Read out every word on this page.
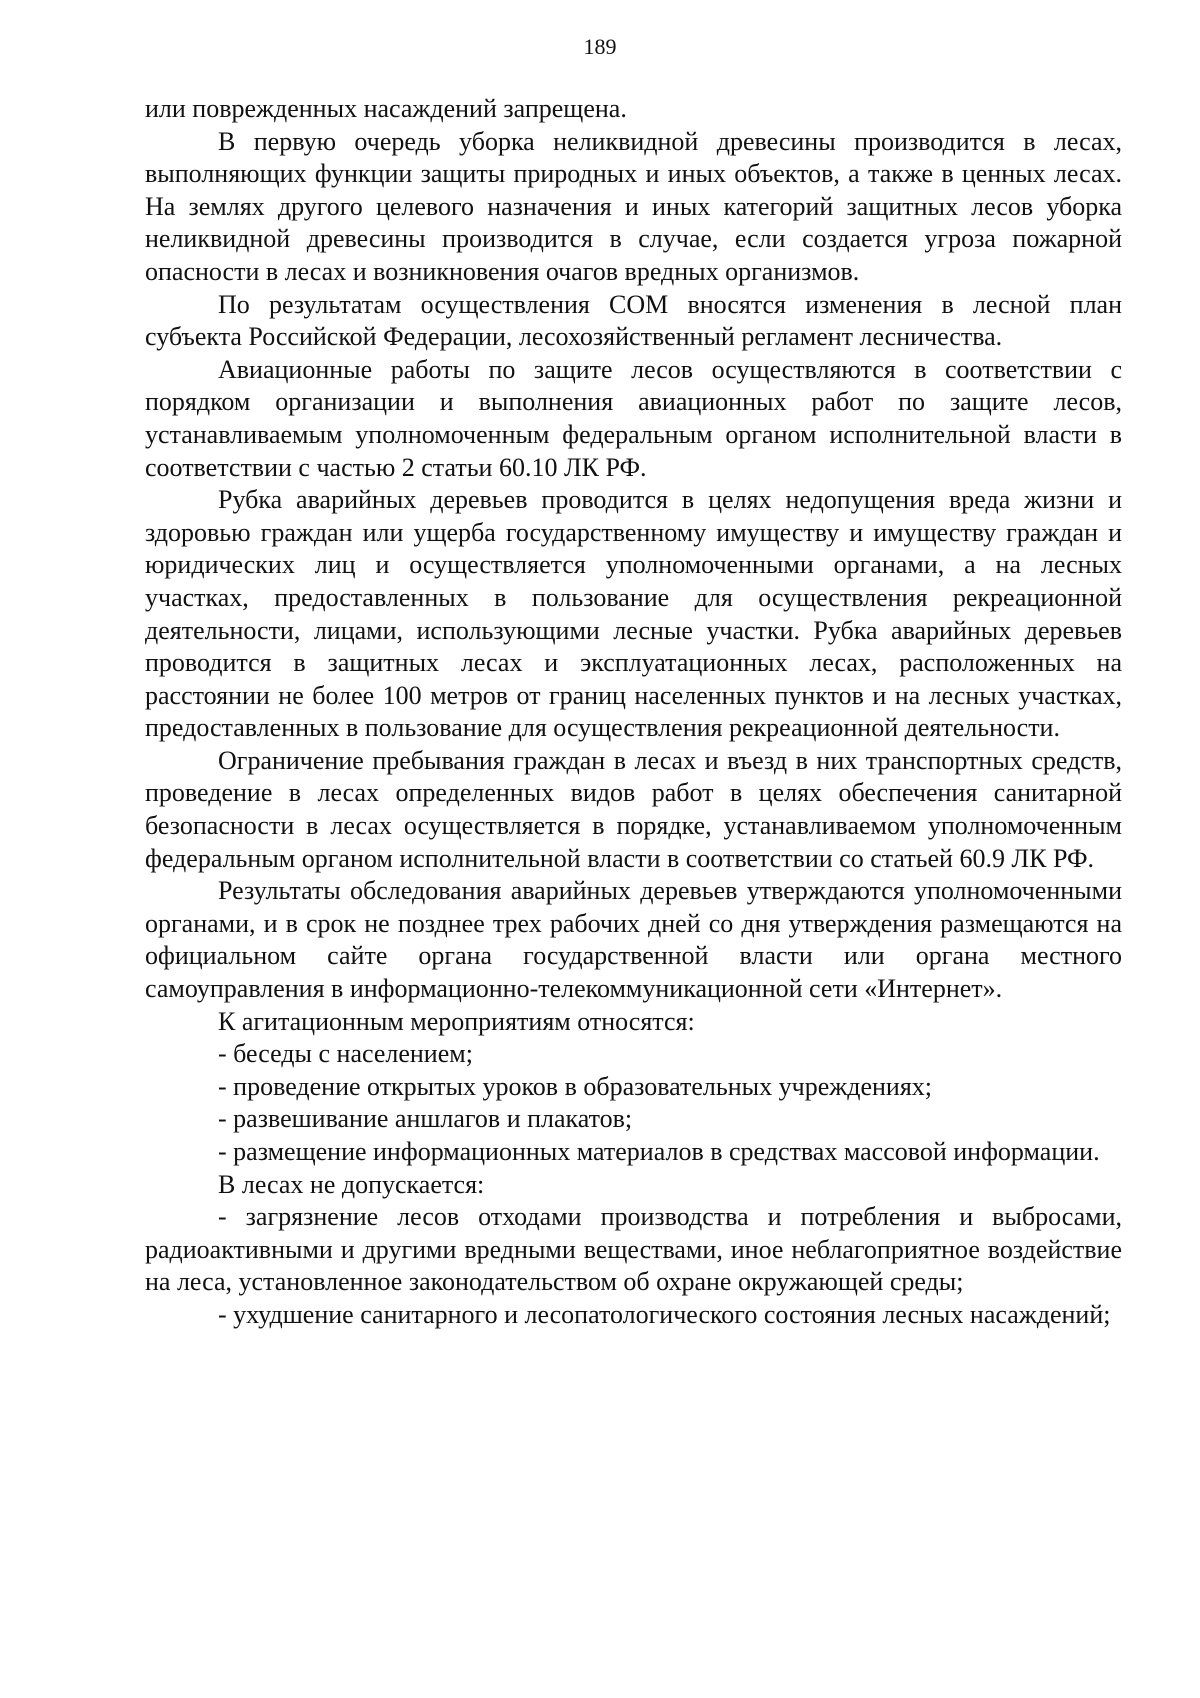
189

или поврежденных насаждений запрещена.

В первую очередь уборка неликвидной древесины производится в лесах, выполняющих функции защиты природных и иных объектов, а также в ценных лесах. На землях другого целевого назначения и иных категорий защитных лесов уборка неликвидной древесины производится в случае, если создается угроза пожарной опасности в лесах и возникновения очагов вредных организмов.

По результатам осуществления СОМ вносятся изменения в лесной план субъекта Российской Федерации, лесохозяйственный регламент лесничества.

Авиационные работы по защите лесов осуществляются в соответствии с порядком организации и выполнения авиационных работ по защите лесов, устанавливаемым уполномоченным федеральным органом исполнительной власти в соответствии с частью 2 статьи 60.10 ЛК РФ.

Рубка аварийных деревьев проводится в целях недопущения вреда жизни и здоровью граждан или ущерба государственному имуществу и имуществу граждан и юридических лиц и осуществляется уполномоченными органами, а на лесных участках, предоставленных в пользование для осуществления рекреационной деятельности, лицами, использующими лесные участки. Рубка аварийных деревьев проводится в защитных лесах и эксплуатационных лесах, расположенных на расстоянии не более 100 метров от границ населенных пунктов и на лесных участках, предоставленных в пользование для осуществления рекреационной деятельности.

Ограничение пребывания граждан в лесах и въезд в них транспортных средств, проведение в лесах определенных видов работ в целях обеспечения санитарной безопасности в лесах осуществляется в порядке, устанавливаемом уполномоченным федеральным органом исполнительной власти в соответствии со статьей 60.9 ЛК РФ.

Результаты обследования аварийных деревьев утверждаются уполномоченными органами, и в срок не позднее трех рабочих дней со дня утверждения размещаются на официальном сайте органа государственной власти или органа местного самоуправления в информационно-телекоммуникационной сети «Интернет».

К агитационным мероприятиям относятся:

- беседы с населением;

- проведение открытых уроков в образовательных учреждениях;

- развешивание аншлагов и плакатов;

- размещение информационных материалов в средствах массовой информации.

В лесах не допускается:

- загрязнение лесов отходами производства и потребления и выбросами, радиоактивными и другими вредными веществами, иное неблагоприятное воздействие на леса, установленное законодательством об охране окружающей среды;

- ухудшение санитарного и лесопатологического состояния лесных насаждений;
